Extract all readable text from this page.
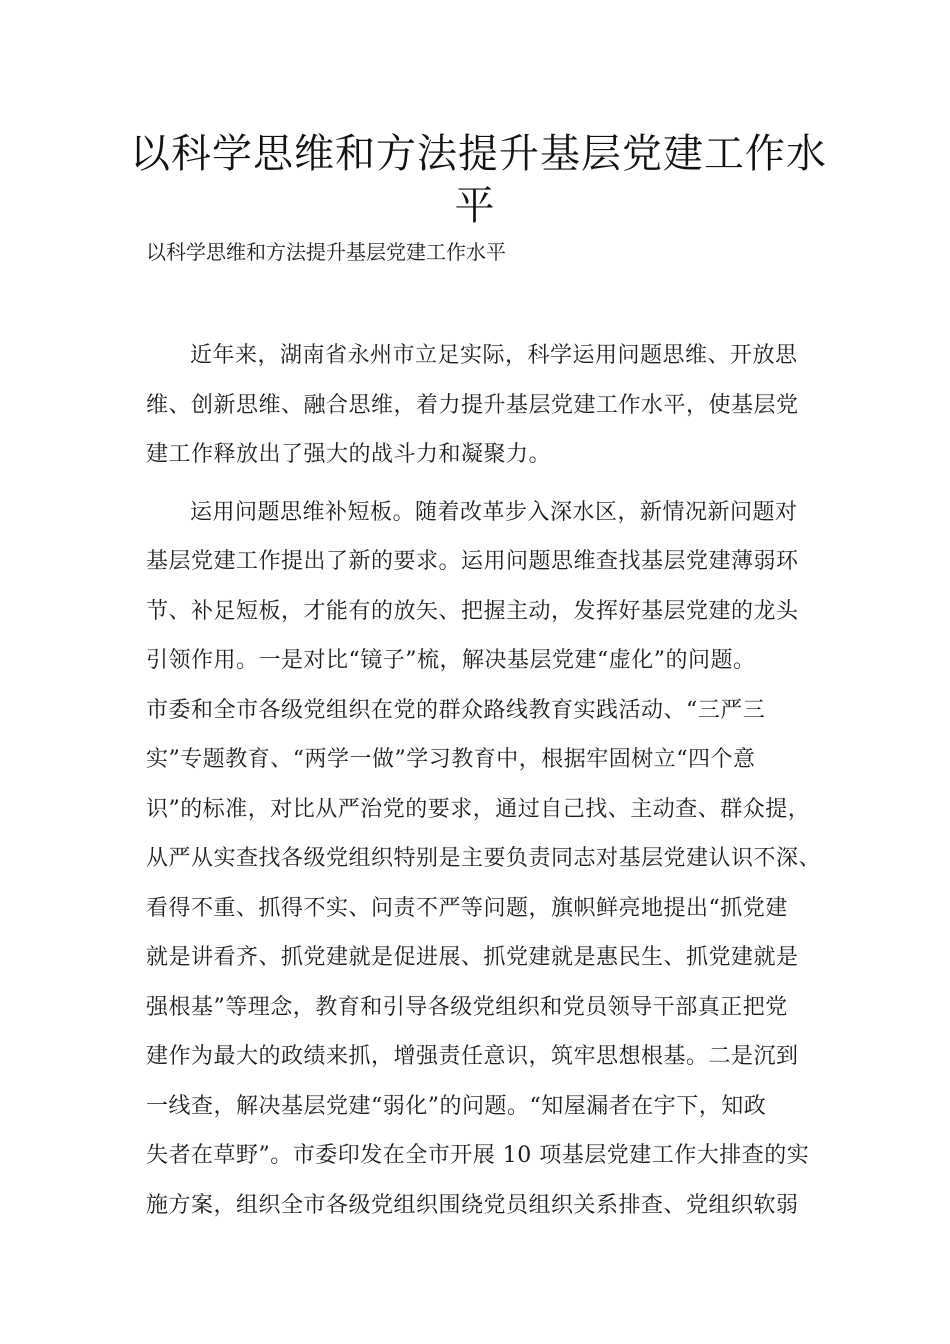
以科学思维和方法提升基层党建工作水
平

以科学思维和方法提升基层党建工作水平

近年来，湖南省永州市立足实际，科学运用问题思维、开放思
维、创新思维、融合思维，着力提升基层党建工作水平，使基层党
建工作释放出了强大的战斗力和凝聚力。

运用问题思维补短板。随着改革步入深水区，新情况新问题对
基层党建工作提出了新的要求。运用问题思维查找基层党建薄弱环
节、补足短板，才能有的放矢、把握主动，发挥好基层党建的龙头
引领作用。一是对比“镜子”梳，解决基层党建“虚化”的问题。
市委和全市各级党组织在党的群众路线教育实践活动、“三严三
实”专题教育、“两学一做”学习教育中，根据牢固树立“四个意
识”的标准，对比从严治党的要求，通过自己找、主动查、群众提，
从严从实查找各级党组织特别是主要负责同志对基层党建认识不深、
看得不重、抓得不实、问责不严等问题，旗帜鲜亮地提出“抓党建
就是讲看齐、抓党建就是促进展、抓党建就是惠民生、抓党建就是
强根基”等理念，教育和引导各级党组织和党员领导干部真正把党
建作为最大的政绩来抓，增强责任意识，筑牢思想根基。二是沉到
一线查，解决基层党建“弱化”的问题。“知屋漏者在宇下，知政
失者在草野”。市委印发在全市开展 10 项基层党建工作大排查的实
施方案，组织全市各级党组织围绕党员组织关系排查、党组织软弱
